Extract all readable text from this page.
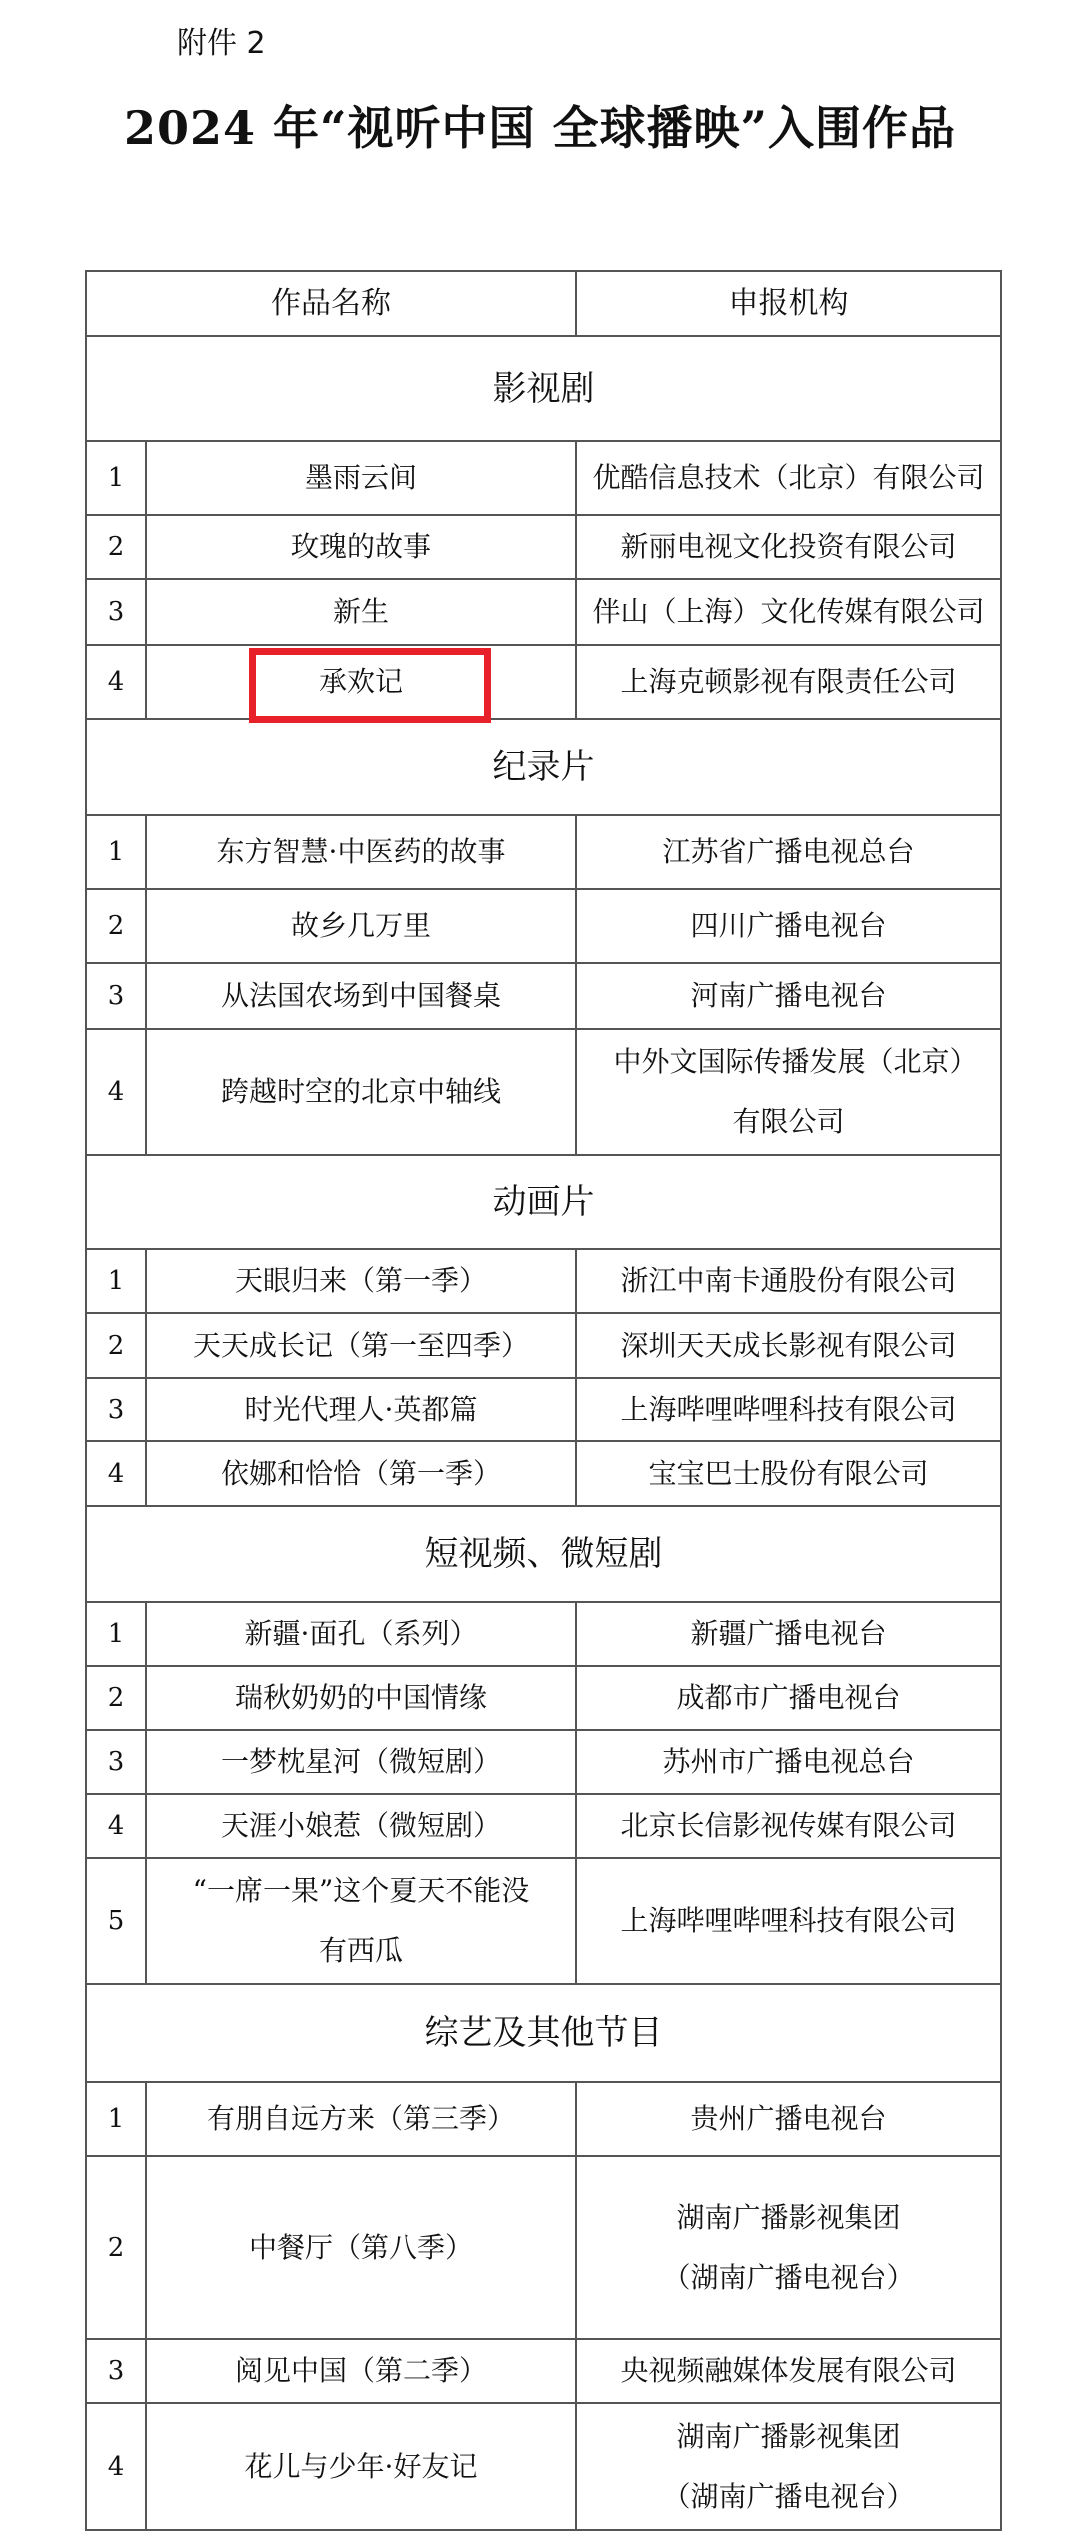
附件 2
2024 年“视听中国 全球播映”入围作品
作品名称		申报机构
影视剧		
1	墨雨云间	优酷信息技术（北京）有限公司
2	玫瑰的故事	新丽电视文化投资有限公司
3	新生	伴山（上海）文化传媒有限公司
4	承欢记	上海克顿影视有限责任公司
纪录片		
1	东方智慧·中医药的故事	江苏省广播电视总台
2	故乡几万里	四川广播电视台
3	从法国农场到中国餐桌	河南广播电视台
4	跨越时空的北京中轴线	中外文国际传播发展（北京）有限公司
动画片		
1	天眼归来（第一季）	浙江中南卡通股份有限公司
2	天天成长记（第一至四季）	深圳天天成长影视有限公司
3	时光代理人·英都篇	上海哔哩哔哩科技有限公司
4	依娜和恰恰（第一季）	宝宝巴士股份有限公司
短视频、微短剧		
1	新疆·面孔（系列）	新疆广播电视台
2	瑞秋奶奶的中国情缘	成都市广播电视台
3	一梦枕星河（微短剧）	苏州市广播电视总台
4	天涯小娘惹（微短剧）	北京长信影视传媒有限公司
5	“一席一果”这个夏天不能没有西瓜	上海哔哩哔哩科技有限公司
综艺及其他节目		
1	有朋自远方来（第三季）	贵州广播电视台
2	中餐厅（第八季）	湖南广播影视集团（湖南广播电视台）
3	阅见中国（第二季）	央视频融媒体发展有限公司
4	花儿与少年·好友记	湖南广播影视集团（湖南广播电视台）
